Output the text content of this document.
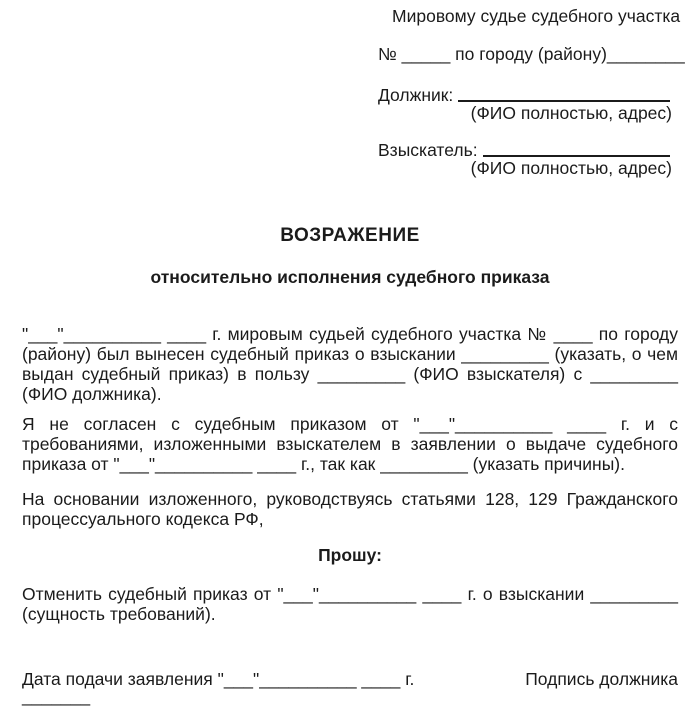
Мировому судье судебного участка
№ _____ по городу (району)________
Должник:
(ФИО полностью, адрес)
Взыскатель:
(ФИО полностью, адрес)
ВОЗРАЖЕНИЕ
относительно исполнения судебного приказа

"___"__________ ____ г. мировым судьей судебного участка № ____ по городу (району) был вынесен судебный приказ о взыскании _________ (указать, о чем выдан судебный приказ) в пользу _________ (ФИО взыскателя) с _________ (ФИО должника).

Я не согласен с судебным приказом от "___"__________ ____ г. и с требованиями, изложенными взыскателем в заявлении о выдаче судебного приказа от "___"__________ ____ г., так как _________ (указать причины).

На основании изложенного, руководствуясь статьями 128, 129 Гражданского процессуального кодекса РФ,

Прошу:

Отменить судебный приказ от "___"__________ ____ г. о взыскании _________ (сущность требований).

Дата подачи заявления "___"__________ ____ г.	Подпись должника
_______
